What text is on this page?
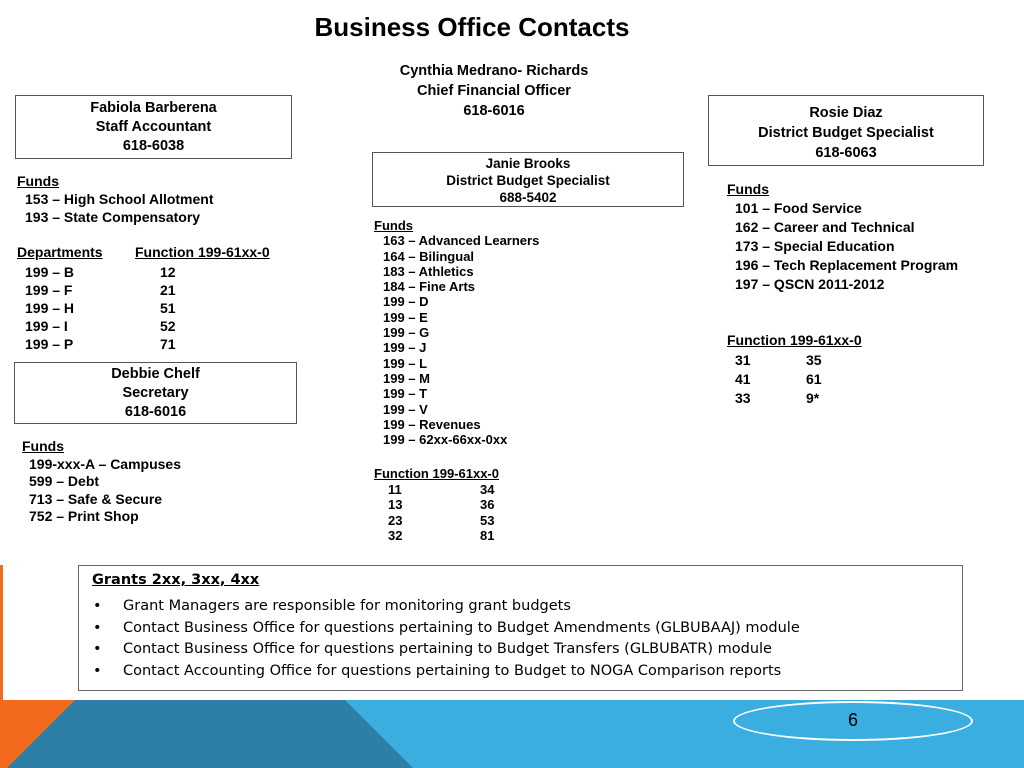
Business Office Contacts
Cynthia Medrano- Richards
Chief Financial Officer
618-6016
Fabiola Barberena
Staff Accountant
618-6038
Funds
153 – High School Allotment
193 – State Compensatory
Departments Function 199-61xx-0
199 – B
199 – F
199 – H
199 – I
199 – P
12
21
51
52
71
Debbie Chelf
Secretary
618-6016
Funds
199-xxx-A – Campuses
599 – Debt
713 – Safe & Secure
752 – Print Shop
Janie Brooks
District Budget Specialist
688-5402
Funds
163 – Advanced Learners
164 – Bilingual
183 – Athletics
184 – Fine Arts
199 – D
199 – E
199 – G
199 – J
199 – L
199 – M
199 – T
199 – V
199 – Revenues
199 – 62xx-66xx-0xx
Function 199-61xx-0
11
13
23
32
34
36
53
81
Rosie Diaz
District Budget Specialist
618-6063
Funds
101 – Food Service
162 – Career and Technical
173 – Special Education
196 – Tech Replacement Program
197 – QSCN 2011-2012
Function 199-61xx-0
31
41
33
35
61
9*
Grants 2xx, 3xx, 4xx
• Grant Managers are responsible for monitoring grant budgets
• Contact Business Office for questions pertaining to Budget Amendments (GLBUBAAJ) module
• Contact Business Office for questions pertaining to Budget Transfers (GLBUBATR) module
• Contact Accounting Office for questions pertaining to Budget to NOGA Comparison reports
6
